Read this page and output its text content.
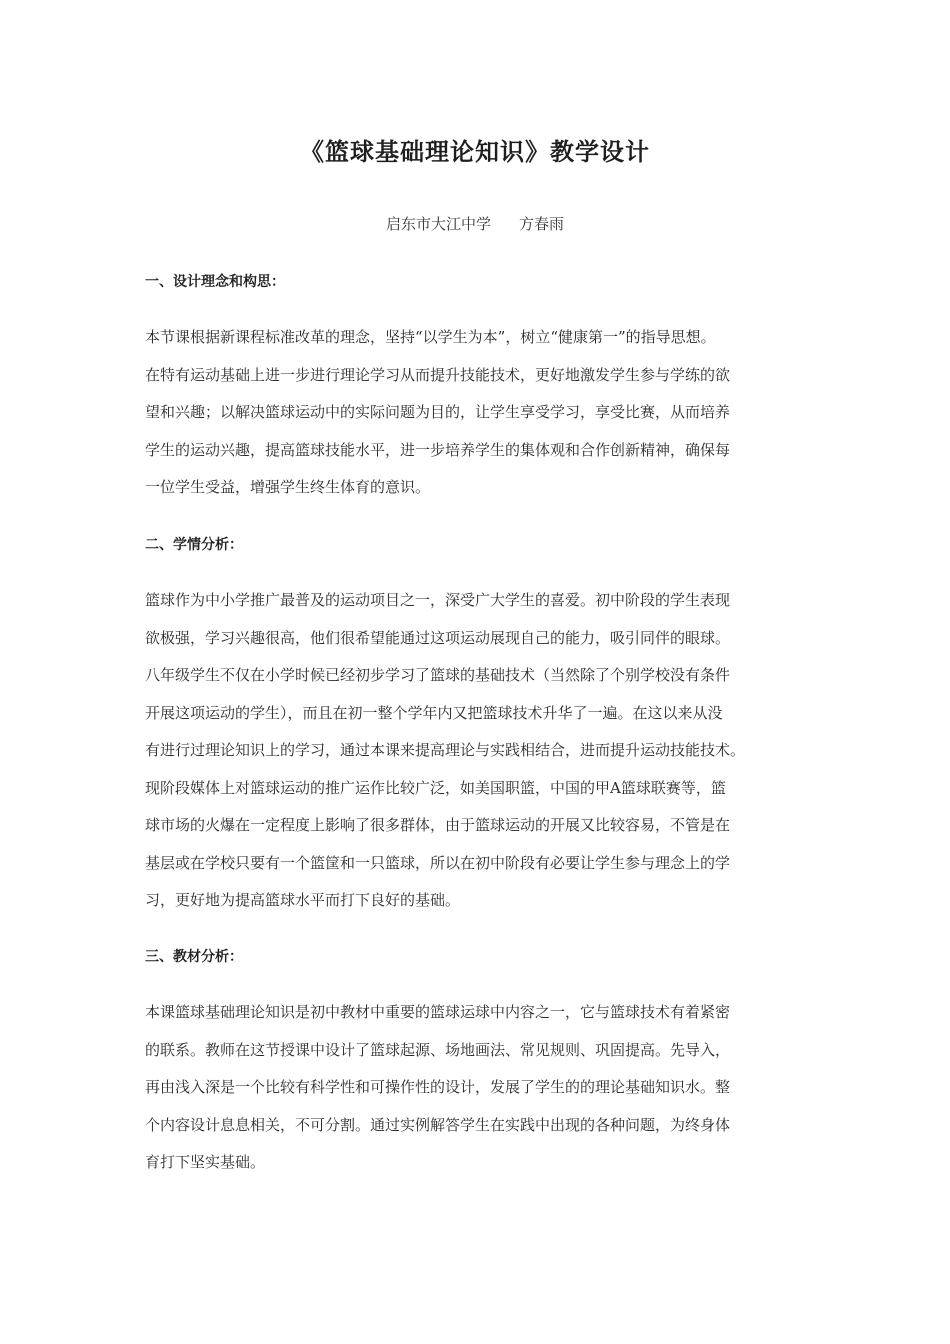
《篮球基础理论知识》教学设计
启东市大江中学 方春雨
一、设计理念和构思：
本节课根据新课程标准改革的理念，坚持“以学生为本”，树立“健康第一”的指导思想。
在特有运动基础上进一步进行理论学习从而提升技能技术，更好地激发学生参与学练的欲
望和兴趣；以解决篮球运动中的实际问题为目的，让学生享受学习，享受比赛，从而培养
学生的运动兴趣，提高篮球技能水平，进一步培养学生的集体观和合作创新精神，确保每
一位学生受益，增强学生终生体育的意识。
二、学情分析：
篮球作为中小学推广最普及的运动项目之一，深受广大学生的喜爱。初中阶段的学生表现
欲极强，学习兴趣很高，他们很希望能通过这项运动展现自己的能力，吸引同伴的眼球。
八年级学生不仅在小学时候已经初步学习了篮球的基础技术（当然除了个别学校没有条件
开展这项运动的学生），而且在初一整个学年内又把篮球技术升华了一遍。在这以来从没
有进行过理论知识上的学习，通过本课来提高理论与实践相结合，进而提升运动技能技术。
现阶段媒体上对篮球运动的推广运作比较广泛，如美国职篮，中国的甲A篮球联赛等，篮
球市场的火爆在一定程度上影响了很多群体，由于篮球运动的开展又比较容易，不管是在
基层或在学校只要有一个篮筐和一只篮球，所以在初中阶段有必要让学生参与理念上的学
习，更好地为提高篮球水平而打下良好的基础。
三、教材分析：
本课篮球基础理论知识是初中教材中重要的篮球运球中内容之一，它与篮球技术有着紧密
的联系。教师在这节授课中设计了篮球起源、场地画法、常见规则、巩固提高。先导入，
再由浅入深是一个比较有科学性和可操作性的设计，发展了学生的的理论基础知识水。整
个内容设计息息相关，不可分割。通过实例解答学生在实践中出现的各种问题，为终身体
育打下坚实基础。
